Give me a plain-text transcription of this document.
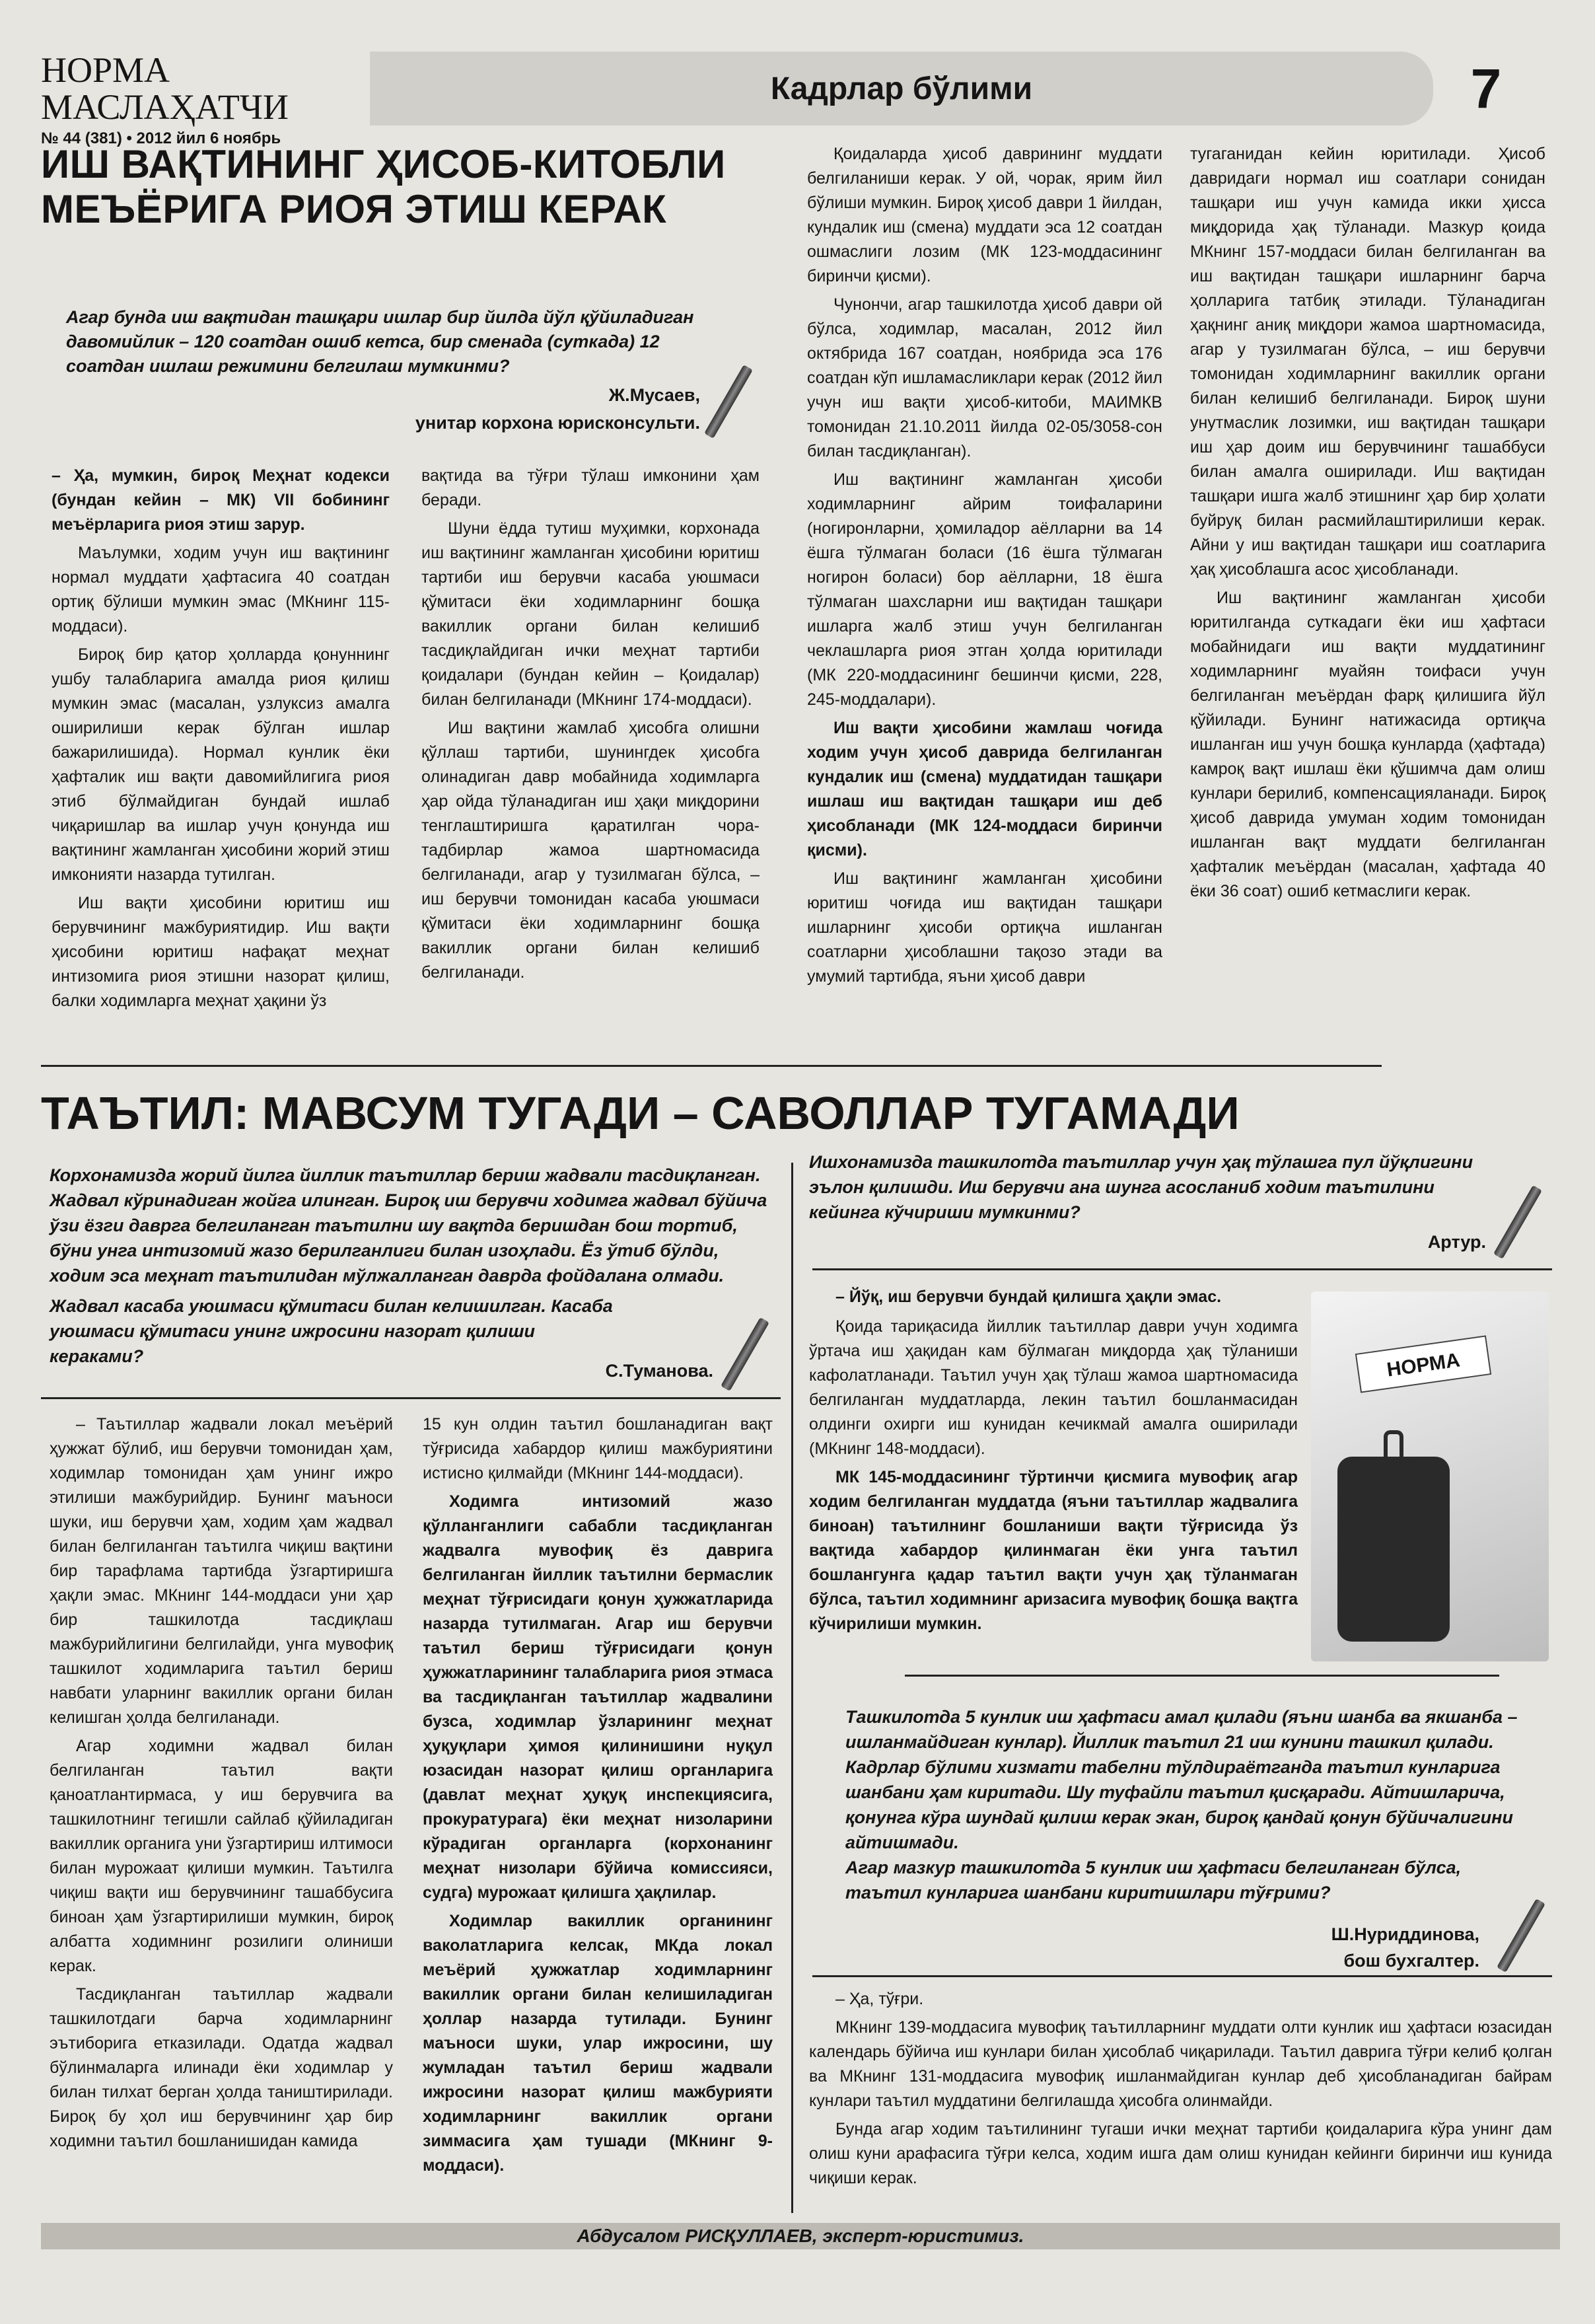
НОРМА МАСЛАҲАТЧИ
№ 44 (381) • 2012 йил 6 ноябрь
Кадрлар бўлими	7
ИШ ВАҚТИНИНГ ҲИСОБ-КИТОБЛИ МЕЪЁРИГА РИОЯ ЭТИШ КЕРАК
Агар бунда иш вақтидан ташқари ишлар бир йилда йўл қўйиладиган давомийлик – 120 соатдан ошиб кетса, бир сменада (суткада) 12 соатдан ишлаш режимини белгилаш мумкинми?
Ж.Мусаев,
унитар корхона юрисконсульти.

– Ҳа, мумкин, бироқ Меҳнат кодекси (бундан кейин – МК) VII бобининг меъёрларига риоя этиш зарур.

Маълумки, ходим учун иш вақтининг нормал муддати ҳафтасига 40 соатдан ортиқ бўлиши мумкин эмас (МКнинг 115-моддаси).

Бироқ бир қатор ҳолларда қонуннинг ушбу талабларига амалда риоя қилиш мумкин эмас (масалан, узлуксиз амалга оширилиши керак бўлган ишлар бажарилишида). Нормал кунлик ёки ҳафталик иш вақти давомийлигига риоя этиб бўлмайдиган бундай ишлаб чиқаришлар ва ишлар учун қонунда иш вақтининг жамланган ҳисобини жорий этиш имконияти назарда тутилган.

Иш вақти ҳисобини юритиш иш берувчининг мажбуриятидир. Иш вақти ҳисобини юритиш нафақат меҳнат интизомига риоя этишни назорат қилиш, балки ходимларга меҳнат ҳақини ўз

вақтида ва тўғри тўлаш имконини ҳам беради.

Шуни ёдда тутиш муҳимки, корхонада иш вақтининг жамланган ҳисобини юритиш тартиби иш берувчи касаба уюшмаси қўмитаси ёки ходимларнинг бошқа вакиллик органи билан келишиб тасдиқлайдиган ички меҳнат тартиби қоидалари (бундан кейин – Қоидалар) билан белгиланади (МКнинг 174-моддаси).

Иш вақтини жамлаб ҳисобга олишни қўллаш тартиби, шунингдек ҳисобга олинадиган давр мобайнида ходимларга ҳар ойда тўланадиган иш ҳақи миқдорини тенглаштиришга қаратилган чора-тадбирлар жамоа шартномасида белгиланади, агар у тузилмаган бўлса, – иш берувчи томонидан касаба уюшмаси қўмитаси ёки ходимларнинг бошқа вакиллик органи билан келишиб белгиланади.

Қоидаларда ҳисоб даврининг муддати белгиланиши керак. У ой, чорак, ярим йил бўлиши мумкин. Бироқ ҳисоб даври 1 йилдан, кундалик иш (смена) муддати эса 12 соатдан ошмаслиги лозим (МК 123-моддасининг биринчи қисми).

Чунончи, агар ташкилотда ҳисоб даври ой бўлса, ходимлар, масалан, 2012 йил октябрида 167 соатдан, ноябрида эса 176 соатдан кўп ишламасликлари керак (2012 йил учун иш вақти ҳисоб-китоби, МАИМКВ томонидан 21.10.2011 йилда 02-05/3058-сон билан тасдиқланган).

Иш вақтининг жамланган ҳисоби ходимларнинг айрим тоифаларини (ногиронларни, ҳомиладор аёлларни ва 14 ёшга тўлмаган боласи (16 ёшга тўлмаган ногирон боласи) бор аёлларни, 18 ёшга тўлмаган шахсларни иш вақтидан ташқари ишларга жалб этиш учун белгиланган чеклашларга риоя этган ҳолда юритилади (МК 220-моддасининг бешинчи қисми, 228, 245-моддалари).

Иш вақти ҳисобини жамлаш чоғида ходим учун ҳисоб даврида белгиланган кундалик иш (смена) муддатидан ташқари ишлаш иш вақтидан ташқари иш деб ҳисобланади (МК 124-моддаси биринчи қисми).

Иш вақтининг жамланган ҳисобини юритиш чоғида иш вақтидан ташқари ишларнинг ҳисоби ортиқча ишланган соатларни ҳисоблашни тақозо этади ва умумий тартибда, яъни ҳисоб даври

тугаганидан кейин юритилади. Ҳисоб давридаги нормал иш соатлари сонидан ташқари иш учун камида икки ҳисса миқдорида ҳақ тўланади. Мазкур қоида МКнинг 157-моддаси билан белгиланган ва иш вақтидан ташқари ишларнинг барча ҳолларига татбиқ этилади. Тўланадиган ҳақнинг аниқ миқдори жамоа шартномасида, агар у тузилмаган бўлса, – иш берувчи томонидан ходимларнинг вакиллик органи билан келишиб белгиланади. Бироқ шуни унутмаслик лозимки, иш вақтидан ташқари иш ҳар доим иш берувчининг ташаббуси билан амалга оширилади. Иш вақтидан ташқари ишга жалб этишнинг ҳар бир ҳолати буйруқ билан расмийлаштирилиши керак. Айни у иш вақтидан ташқари иш соатларига ҳақ ҳисоблашга асос ҳисобланади.

Иш вақтининг жамланган ҳисоби юритилганда суткадаги ёки иш ҳафтаси мобайнидаги иш вақти муддатининг ходимларнинг муайян тоифаси учун белгиланган меъёрдан фарқ қилишига йўл қўйилади. Бунинг натижасида ортиқча ишланган иш учун бошқа кунларда (ҳафтада) камроқ вақт ишлаш ёки қўшимча дам олиш кунлари берилиб, компенсацияланади. Бироқ ҳисоб даврида умуман ходим томонидан ишланган вақт муддати белгиланган ҳафталик меъёрдан (масалан, ҳафтада 40 ёки 36 соат) ошиб кетмаслиги керак.

ТАЪТИЛ: МАВСУМ ТУГАДИ – САВОЛЛАР ТУГАМАДИ
Корхонамизда жорий йилга йиллик таътиллар бериш жадвали тасдиқланган. Жадвал кўринадиган жойга илинган. Бироқ иш берувчи ходимга жадвал бўйича ўзи ёзги даврга белгиланган таътилни шу вақтда беришдан бош тортиб, бўни унга интизомий жазо берилганлиги билан изоҳлади. Ёз ўтиб бўлди, ходим эса меҳнат таътилидан мўлжалланган даврда фойдалана олмади.
Жадвал касаба уюшмаси қўмитаси билан келишилган. Касаба уюшмаси қўмитаси унинг ижросини назорат қилиши кераками?
С.Туманова.

– Таътиллар жадвали локал меъёрий ҳужжат бўлиб, иш берувчи томонидан ҳам, ходимлар томонидан ҳам унинг ижро этилиши мажбурийдир. Бунинг маъноси шуки, иш берувчи ҳам, ходим ҳам жадвал билан белгиланган таътилга чиқиш вақтини бир тарафлама тартибда ўзгартиришга ҳақли эмас. МКнинг 144-моддаси уни ҳар бир ташкилотда тасдиқлаш мажбурийлигини белгилайди, унга мувофиқ ташкилот ходимларига таътил бериш навбати уларнинг вакиллик органи билан келишган ҳолда белгиланади.

Агар ходимни жадвал билан белгиланган таътил вақти қаноатлантирмаса, у иш берувчига ва ташкилотнинг тегишли сайлаб қўйиладиган вакиллик органига уни ўзгартириш илтимоси билан мурожаат қилиши мумкин. Таътилга чиқиш вақти иш берувчининг ташаббусига биноан ҳам ўзгартирилиши мумкин, бироқ албатта ходимнинг розилиги олиниши керак.

Тасдиқланган таътиллар жадвали ташкилотдаги барча ходимларнинг эътиборига етказилади. Одатда жадвал бўлинмаларга илинади ёки ходимлар у билан тилхат берган ҳолда таништирилади. Бироқ бу ҳол иш берувчининг ҳар бир ходимни таътил бошланишидан камида

15 кун олдин таътил бошланадиган вақт тўғрисида хабардор қилиш мажбуриятини истисно қилмайди (МКнинг 144-моддаси).

Ходимга интизомий жазо қўлланганлиги сабабли тасдиқланган жадвалга мувофиқ ёз даврига белгиланган йиллик таътилни бермаслик меҳнат тўғрисидаги қонун ҳужжатларида назарда тутилмаган. Агар иш берувчи таътил бериш тўғрисидаги қонун ҳужжатларининг талабларига риоя этмаса ва тасдиқланган таътиллар жадвалини бузса, ходимлар ўзларининг меҳнат ҳуқуқлари ҳимоя қилинишини нуқул юзасидан назорат қилиш органларига (давлат меҳнат ҳуқуқ инспекциясига, прокуратурага) ёки меҳнат низоларини кўрадиган органларга (корхонанинг меҳнат низолари бўйича комиссияси, судга) мурожаат қилишга ҳақлилар.

Ходимлар вакиллик органининг ваколатларига келсак, МКда локал меъёрий ҳужжатлар ходимларнинг вакиллик органи билан келишиладиган ҳоллар назарда тутилади. Бунинг маъноси шуки, улар ижросини, шу жумладан таътил бериш жадвали ижросини назорат қилиш мажбурияти ходимларнинг вакиллик органи зиммасига ҳам тушади (МКнинг 9-моддаси).

Ишхонамизда ташкилотда таътиллар учун ҳақ тўлашга пул йўқлигини эълон қилишди. Иш берувчи ана шунга асосланиб ходим таътилини кейинга кўчириши мумкинми?
Артур.

– Йўқ, иш берувчи бундай қилишга ҳақли эмас.

Қоида тариқасида йиллик таътиллар даври учун ходимга ўртача иш ҳақидан кам бўлмаган миқдорда ҳақ тўланиши кафолатланади. Таътил учун ҳақ тўлаш жамоа шартномасида белгиланган муддатларда, лекин таътил бошланмасидан олдинги охирги иш кунидан кечикмай амалга оширилади (МКнинг 148-моддаси).

МК 145-моддасининг тўртинчи қисмига мувофиқ агар ходим белгиланган муддатда (яъни таътиллар жадвалига биноан) таътилнинг бошланиши вақти тўғрисида ўз вақтида хабардор қилинмаган ёки унга таътил бошлангунга қадар таътил вақти учун ҳақ тўланмаган бўлса, таътил ходимнинг аризасига мувофиқ бошқа вақтга кўчирилиши мумкин.

НОРМА
Ташкилотда 5 кунлик иш ҳафтаси амал қилади (яъни шанба ва якшанба – ишланмайдиган кунлар). Йиллик таътил 21 иш кунини ташкил қилади. Кадрлар бўлими хизмати табелни тўлдираётганда таътил кунларига шанбани ҳам киритади. Шу туфайли таътил қисқаради. Айтишларича, қонунга кўра шундай қилиш керак экан, бироқ қандай қонун бўйичалигини айтишмади.
Агар мазкур ташкилотда 5 кунлик иш ҳафтаси белгиланган бўлса, таътил кунларига шанбани киритишлари тўғрими?
Ш.Нуриддинова,
бош бухгалтер.

– Ҳа, тўғри.

МКнинг 139-моддасига мувофиқ таътилларнинг муддати олти кунлик иш ҳафтаси юзасидан календарь бўйича иш кунлари билан ҳисоблаб чиқарилади. Таътил даврига тўғри келиб қолган ва МКнинг 131-моддасига мувофиқ ишланмайдиган кунлар деб ҳисобланадиган байрам кунлари таътил муддатини белгилашда ҳисобга олинмайди.

Бунда агар ходим таътилининг тугаши ички меҳнат тартиби қоидаларига кўра унинг дам олиш куни арафасига тўғри келса, ходим ишга дам олиш кунидан кейинги биринчи иш кунида чиқиши керак.

Абдусалом РИСҚУЛЛАЕВ, эксперт-юристимиз.
